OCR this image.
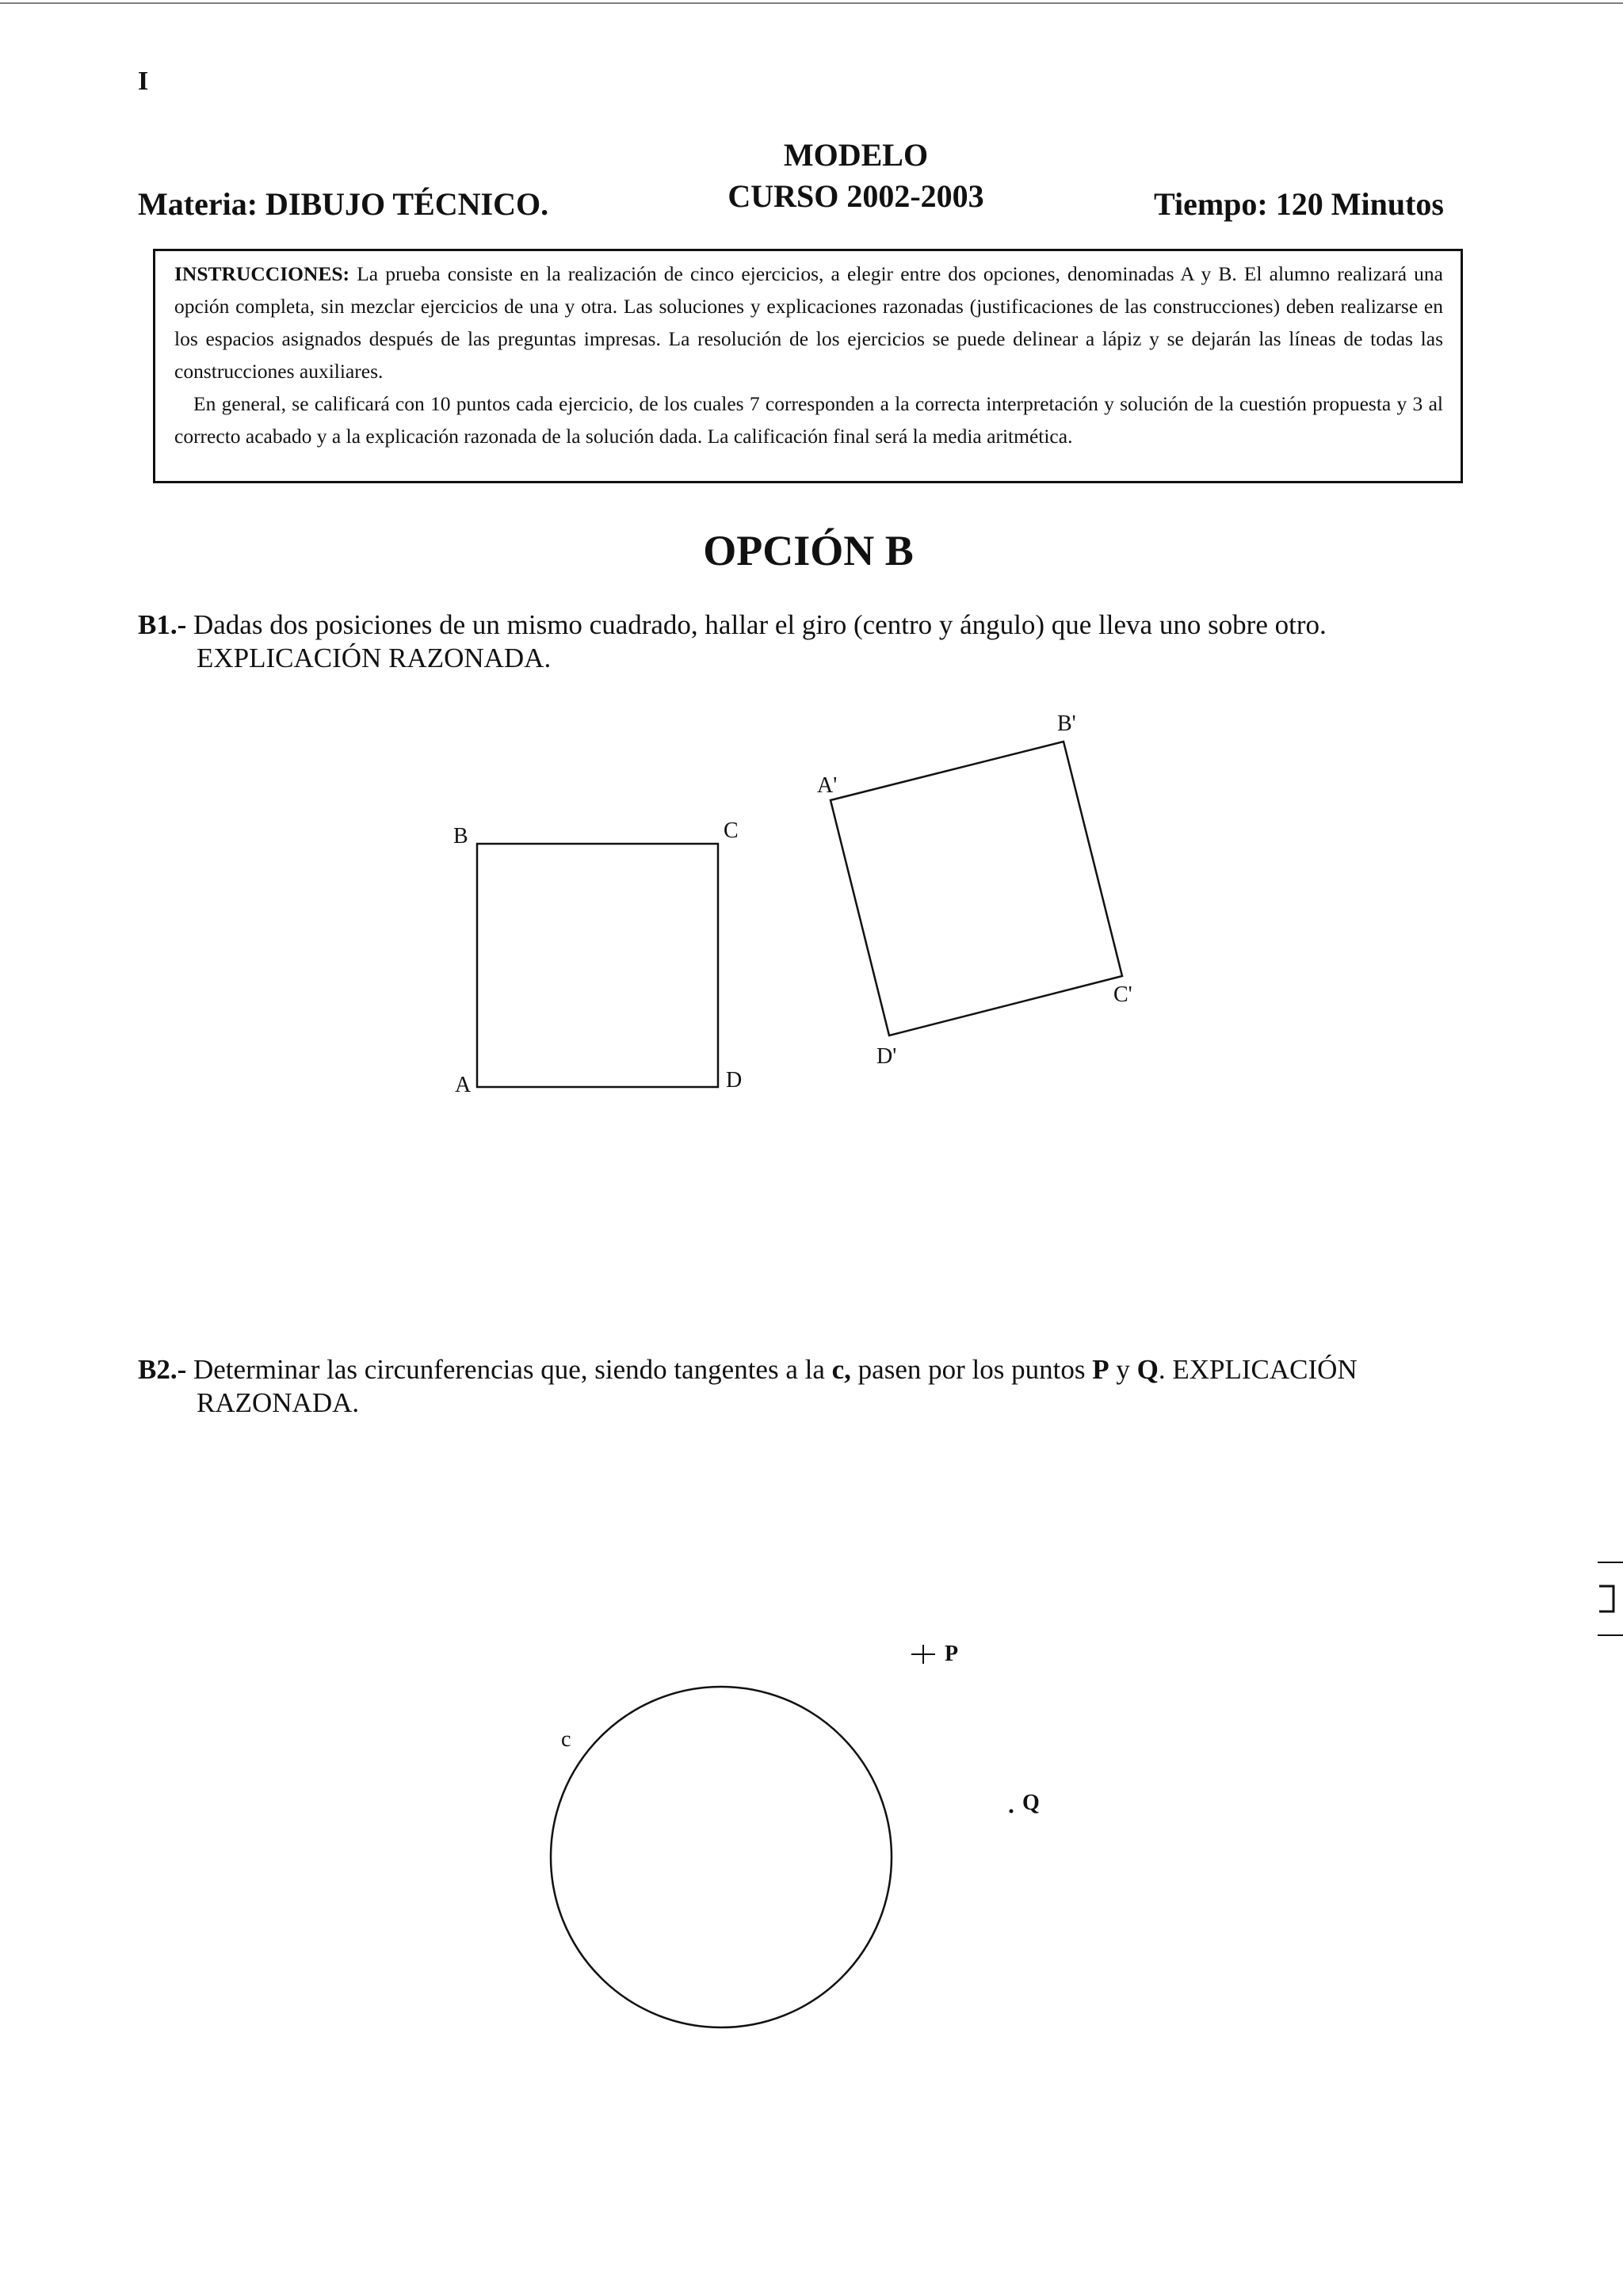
I
MODELO
CURSO 2002-2003
Materia: DIBUJO TÉCNICO.	Tiempo: 120 Minutos

INSTRUCCIONES: La prueba consiste en la realización de cinco ejercicios, a elegir entre dos opciones, denominadas A y B. El alumno realizará una opción completa, sin mezclar ejercicios de una y otra. Las soluciones y explicaciones razonadas (justificaciones de las construcciones) deben realizarse en los espacios asignados después de las preguntas impresas. La resolución de los ejercicios se puede delinear a lápiz y se dejarán las líneas de todas las construcciones auxiliares.

En general, se calificará con 10 puntos cada ejercicio, de los cuales 7 corresponden a la correcta interpretación y solución de la cuestión propuesta y 3 al correcto acabado y a la explicación razonada de la solución dada. La calificación final será la media aritmética.

OPCIÓN B
B1.- Dadas dos posiciones de un mismo cuadrado, hallar el giro (centro y ángulo) que lleva uno sobre otro.
EXPLICACIÓN RAZONADA.
B2.- Determinar las circunferencias que, siendo tangentes a la c, pasen por los puntos P y Q. EXPLICACIÓN
RAZONADA.
B	C
A	D
A'
B'
C'
D'
c
P
Q
